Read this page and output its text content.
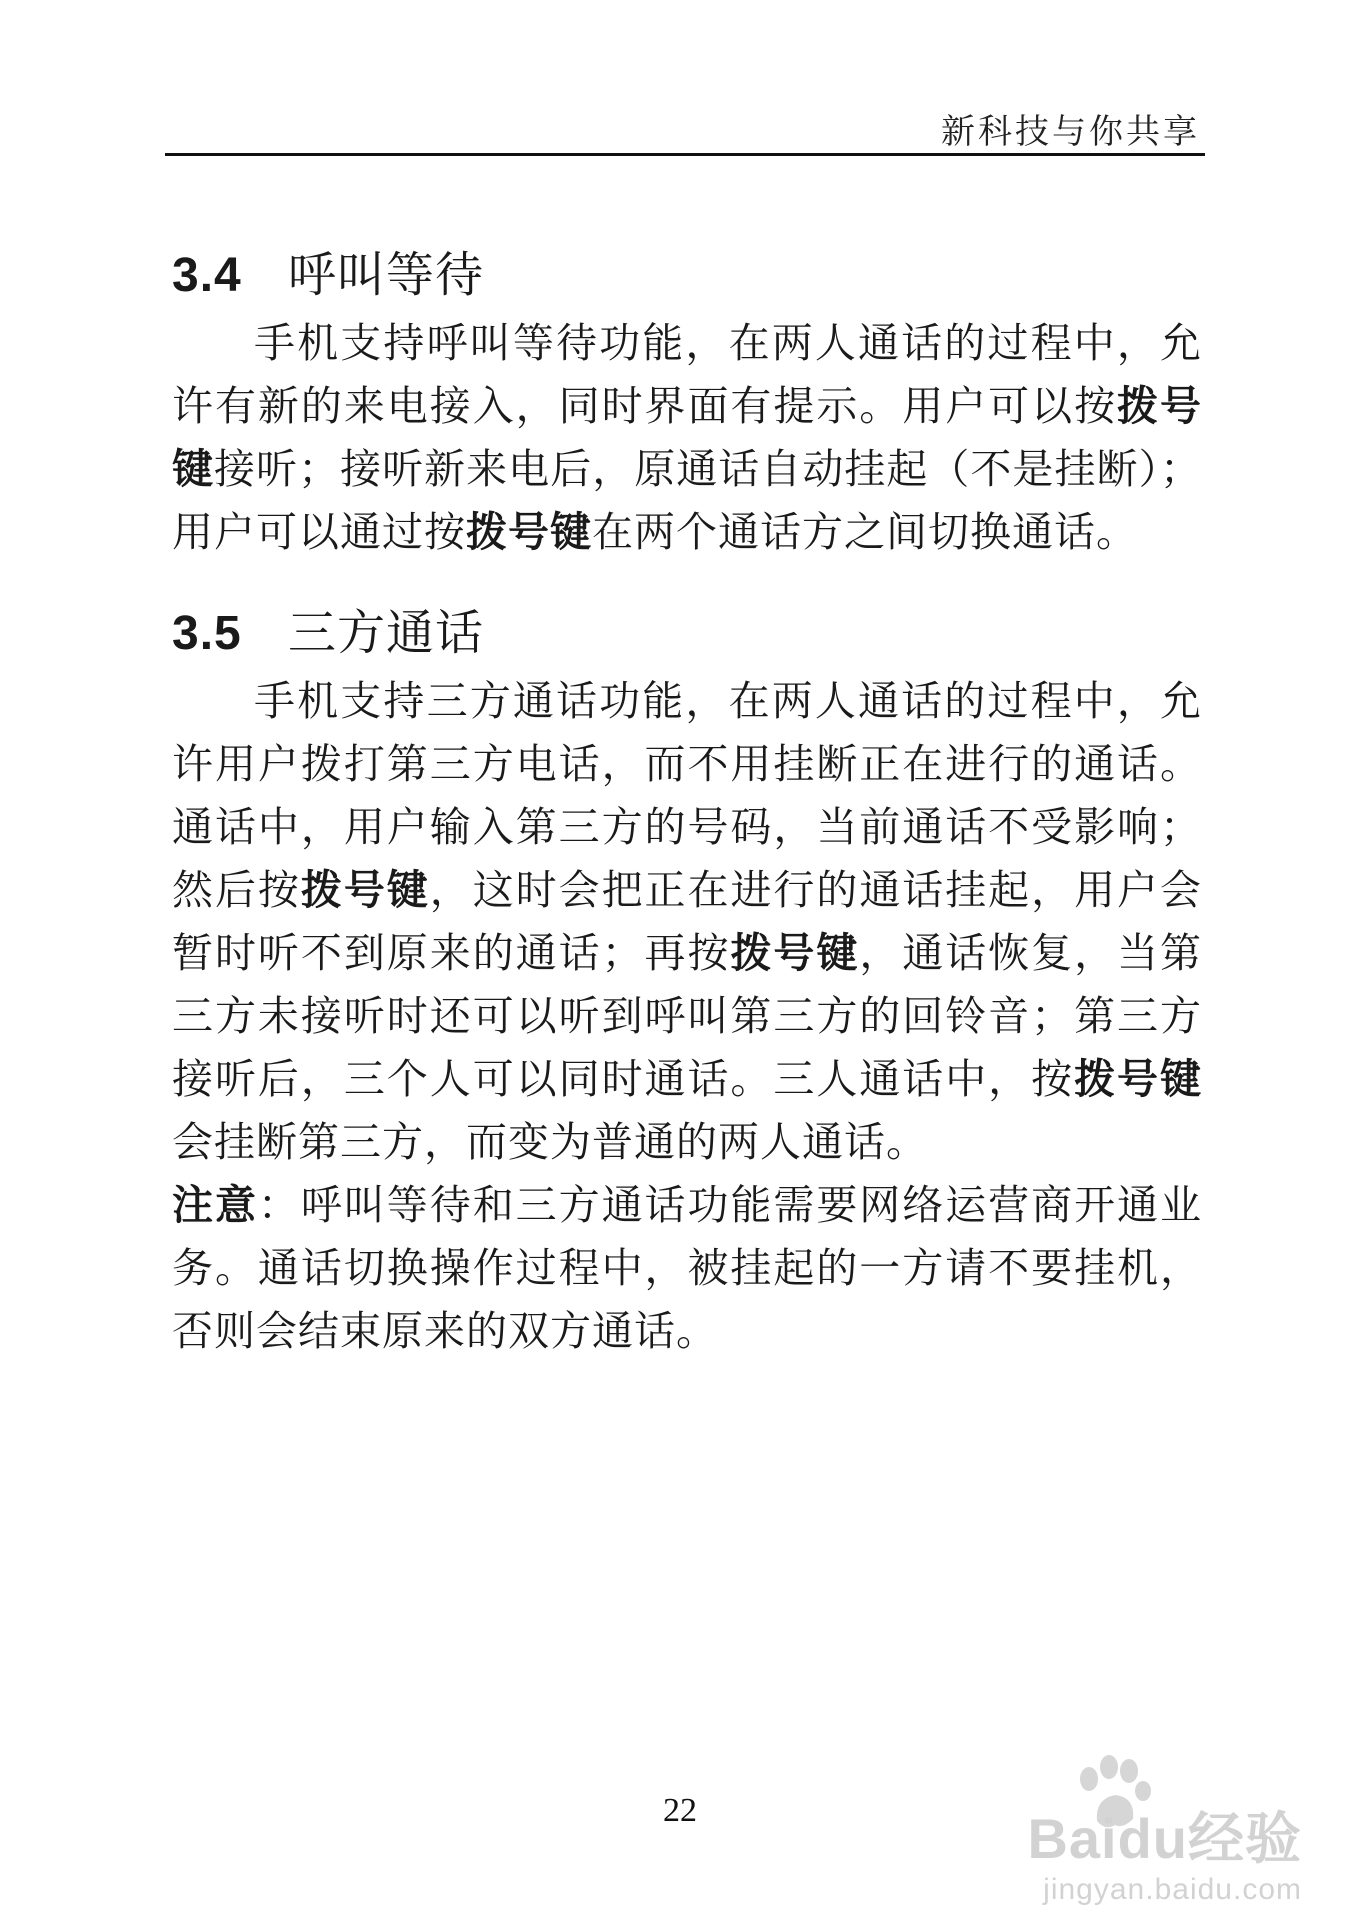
新科技与你共享
3.4 呼叫等待

手机支持呼叫等待功能，在两人通话的过程中，允许有新的来电接入，同时界面有提示。用户可以按拨号键接听；接听新来电后，原通话自动挂起（不是挂断）；用户可以通过按拨号键在两个通话方之间切换通话。

3.5 三方通话

手机支持三方通话功能，在两人通话的过程中，允许用户拨打第三方电话，而不用挂断正在进行的通话。通话中，用户输入第三方的号码，当前通话不受影响；然后按拨号键，这时会把正在进行的通话挂起，用户会暂时听不到原来的通话；再按拨号键，通话恢复，当第三方未接听时还可以听到呼叫第三方的回铃音；第三方接听后，三个人可以同时通话。三人通话中，按拨号键会挂断第三方，而变为普通的两人通话。

注意：呼叫等待和三方通话功能需要网络运营商开通业务。通话切换操作过程中，被挂起的一方请不要挂机，否则会结束原来的双方通话。

22	Baidu经验
jingyan.baidu.com
